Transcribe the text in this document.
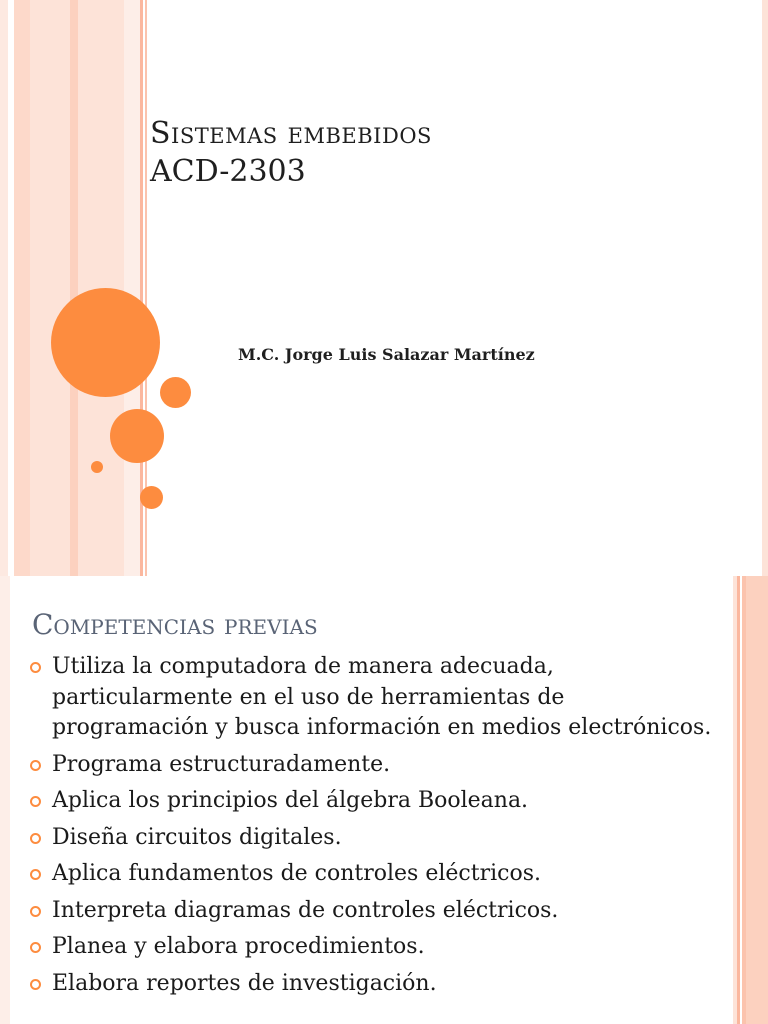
Sistemas embebidos
ACD-2303
M.C. Jorge Luis Salazar Martínez
Competencias previas
Utiliza la computadora de manera adecuada, particularmente en el uso de herramientas de programación y busca información en medios electrónicos.
Programa estructuradamente.
Aplica los principios del álgebra Booleana.
Diseña circuitos digitales.
Aplica fundamentos de controles eléctricos.
Interpreta diagramas de controles eléctricos.
Planea y elabora procedimientos.
Elabora reportes de investigación.
